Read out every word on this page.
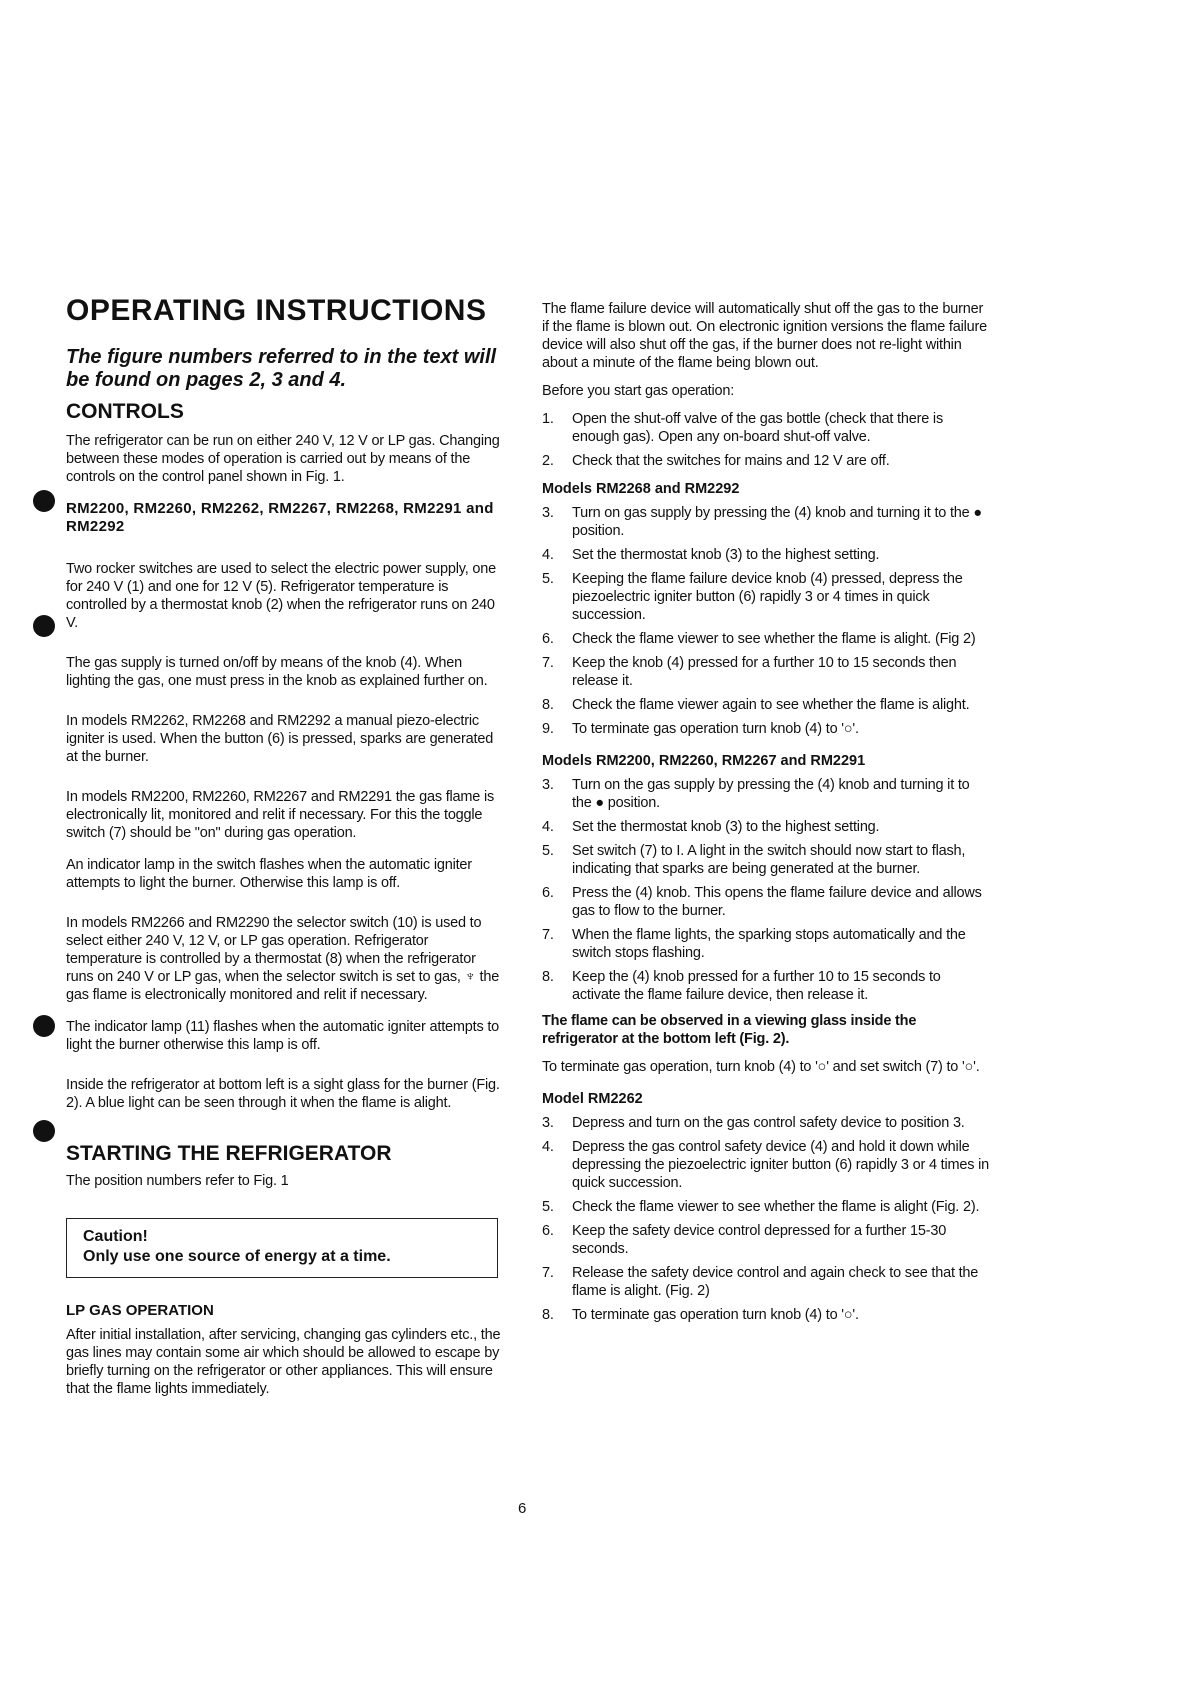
OPERATING INSTRUCTIONS
The figure numbers referred to in the text will be found on pages 2, 3 and 4.
CONTROLS

The refrigerator can be run on either 240 V, 12 V or LP gas. Changing between these modes of operation is carried out by means of the controls on the control panel shown in Fig. 1.

RM2200, RM2260, RM2262, RM2267, RM2268, RM2291 and RM2292

Two rocker switches are used to select the electric power supply, one for 240 V (1) and one for 12 V (5). Refrigerator temperature is controlled by a thermostat knob (2) when the refrigerator runs on 240 V.

The gas supply is turned on/off by means of the knob (4). When lighting the gas, one must press in the knob as explained further on.

In models RM2262, RM2268 and RM2292 a manual piezo-electric igniter is used. When the button (6) is pressed, sparks are generated at the burner.

In models RM2200, RM2260, RM2267 and RM2291 the gas flame is electronically lit, monitored and relit if necessary. For this the toggle switch (7) should be "on" during gas operation.

An indicator lamp in the switch flashes when the automatic igniter attempts to light the burner. Otherwise this lamp is off.

In models RM2266 and RM2290 the selector switch (10) is used to select either 240 V, 12 V, or LP gas operation. Refrigerator temperature is controlled by a thermostat (8) when the refrigerator runs on 240 V or LP gas, when the selector switch is set to gas, ♆ the gas flame is electronically monitored and relit if necessary.

The indicator lamp (11) flashes when the automatic igniter attempts to light the burner otherwise this lamp is off.

Inside the refrigerator at bottom left is a sight glass for the burner (Fig. 2). A blue light can be seen through it when the flame is alight.

STARTING THE REFRIGERATOR

The position numbers refer to Fig. 1

Caution!
Only use one source of energy at a time.
LP GAS OPERATION

After initial installation, after servicing, changing gas cylinders etc., the gas lines may contain some air which should be allowed to escape by briefly turning on the refrigerator or other appliances. This will ensure that the flame lights immediately.

The flame failure device will automatically shut off the gas to the burner if the flame is blown out. On electronic ignition versions the flame failure device will also shut off the gas, if the burner does not re-light within about a minute of the flame being blown out.

Before you start gas operation:

1. Open the shut-off valve of the gas bottle (check that there is enough gas). Open any on-board shut-off valve.
2. Check that the switches for mains and 12 V are off.
Models RM2268 and RM2292
3. Turn on gas supply by pressing the (4) knob and turning it to the ● position.
4. Set the thermostat knob (3) to the highest setting.
5. Keeping the flame failure device knob (4) pressed, depress the piezoelectric igniter button (6) rapidly 3 or 4 times in quick succession.
6. Check the flame viewer to see whether the flame is alight. (Fig 2)
7. Keep the knob (4) pressed for a further 10 to 15 seconds then release it.
8. Check the flame viewer again to see whether the flame is alight.
9. To terminate gas operation turn knob (4) to '○'.
Models RM2200, RM2260, RM2267 and RM2291
3. Turn on the gas supply by pressing the (4) knob and turning it to the ● position.
4. Set the thermostat knob (3) to the highest setting.
5. Set switch (7) to I. A light in the switch should now start to flash, indicating that sparks are being generated at the burner.
6. Press the (4) knob. This opens the flame failure device and allows gas to flow to the burner.
7. When the flame lights, the sparking stops automatically and the switch stops flashing.
8. Keep the (4) knob pressed for a further 10 to 15 seconds to activate the flame failure device, then release it.

The flame can be observed in a viewing glass inside the refrigerator at the bottom left (Fig. 2).

To terminate gas operation, turn knob (4) to '○' and set switch (7) to '○'.

Model RM2262
3. Depress and turn on the gas control safety device to position 3.
4. Depress the gas control safety device (4) and hold it down while depressing the piezoelectric igniter button (6) rapidly 3 or 4 times in quick succession.
5. Check the flame viewer to see whether the flame is alight (Fig. 2).
6. Keep the safety device control depressed for a further 15-30 seconds.
7. Release the safety device control and again check to see that the flame is alight. (Fig. 2)
8. To terminate gas operation turn knob (4) to '○'.
6
